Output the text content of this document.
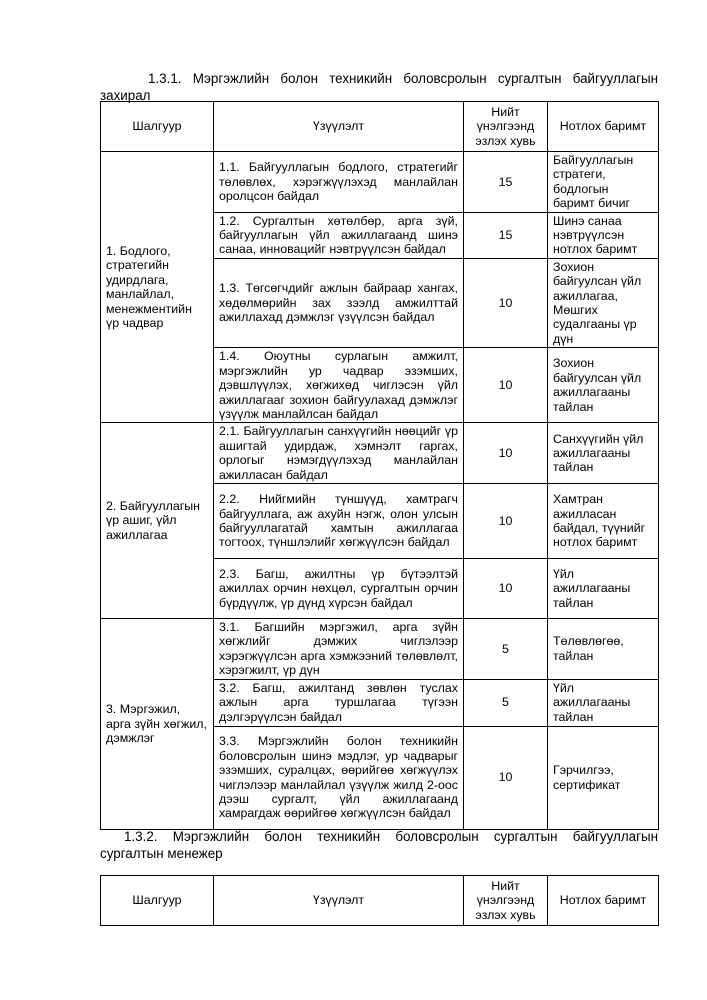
1.3.1. Мэргэжлийн болон техникийн боловсролын сургалтын байгууллагын
захирал
Шалгуур	Үзүүлэлт	Нийт үнэлгээнд эзлэх хувь	Нотлох баримт
1. Бодлого, стратегийн удирдлага, манлайлал, менежментийн үр чадвар	1.1. Байгууллагын бодлого, стратегийг төлөвлөх, хэрэгжүүлэхэд манлайлан оролцсон байдал	15	Байгууллагын стратеги, бодлогын баримт бичиг
	1.2. Сургалтын хөтөлбөр, арга зүй, байгууллагын үйл ажиллагаанд шинэ санаа, инновацийг нэвтрүүлсэн байдал	15	Шинэ санаа нэвтрүүлсэн нотлох баримт
	1.3. Төгсөгчдийг ажлын байраар хангах, хөдөлмөрийн зах зээлд амжилттай ажиллахад дэмжлэг үзүүлсэн байдал	10	Зохион байгуулсан үйл ажиллагаа, Мөшгих судалгааны үр дүн
	1.4. Оюутны сурлагын амжилт, мэргэжлийн ур чадвар эзэмших, дэвшлүүлэх, хөгжихөд чиглэсэн үйл ажиллагааг зохион байгуулахад дэмжлэг үзүүлж манлайлсан байдал	10	Зохион байгуулсан үйл ажиллагааны тайлан
2. Байгууллагын үр ашиг, үйл ажиллагаа	2.1. Байгууллагын санхүүгийн нөөцийг үр ашигтай удирдаж, хэмнэлт гаргах, орлогыг нэмэгдүүлэхэд манлайлан ажилласан байдал	10	Санхүүгийн үйл ажиллагааны тайлан
	2.2. Нийгмийн түншүүд, хамтрагч байгууллага, аж ахуйн нэгж, олон улсын байгууллагатай хамтын ажиллагаа тогтоох, түншлэлийг хөгжүүлсэн байдал	10	Хамтран ажилласан байдал, түүнийг нотлох баримт
	2.3. Багш, ажилтны үр бүтээлтэй ажиллах орчин нөхцөл, сургалтын орчин бүрдүүлж, үр дүнд хүрсэн байдал	10	Үйл ажиллагааны тайлан
3. Мэргэжил, арга зүйн хөгжил, дэмжлэг	3.1. Багшийн мэргэжил, арга зүйн хөгжлийг дэмжих чиглэлээр хэрэгжүүлсэн арга хэмжээний төлөвлөлт, хэрэгжилт, үр дүн	5	Төлөвлөгөө, тайлан
	3.2. Багш, ажилтанд зөвлөн туслах ажлын арга туршлагаа түгээн дэлгэрүүлсэн байдал	5	Үйл ажиллагааны тайлан
	3.3. Мэргэжлийн болон техникийн боловсролын шинэ мэдлэг, ур чадварыг эзэмших, суралцах, өөрийгөө хөгжүүлэх чиглэлээр манлайлал үзүүлж жилд 2-оос дээш сургалт, үйл ажиллагаанд хамрагдаж өөрийгөө хөгжүүлсэн байдал	10	Гэрчилгээ, сертификат
1.3.2. Мэргэжлийн болон техникийн боловсролын сургалтын байгууллагын
сургалтын менежер
Шалгуур	Үзүүлэлт	Нийт үнэлгээнд эзлэх хувь	Нотлох баримт
